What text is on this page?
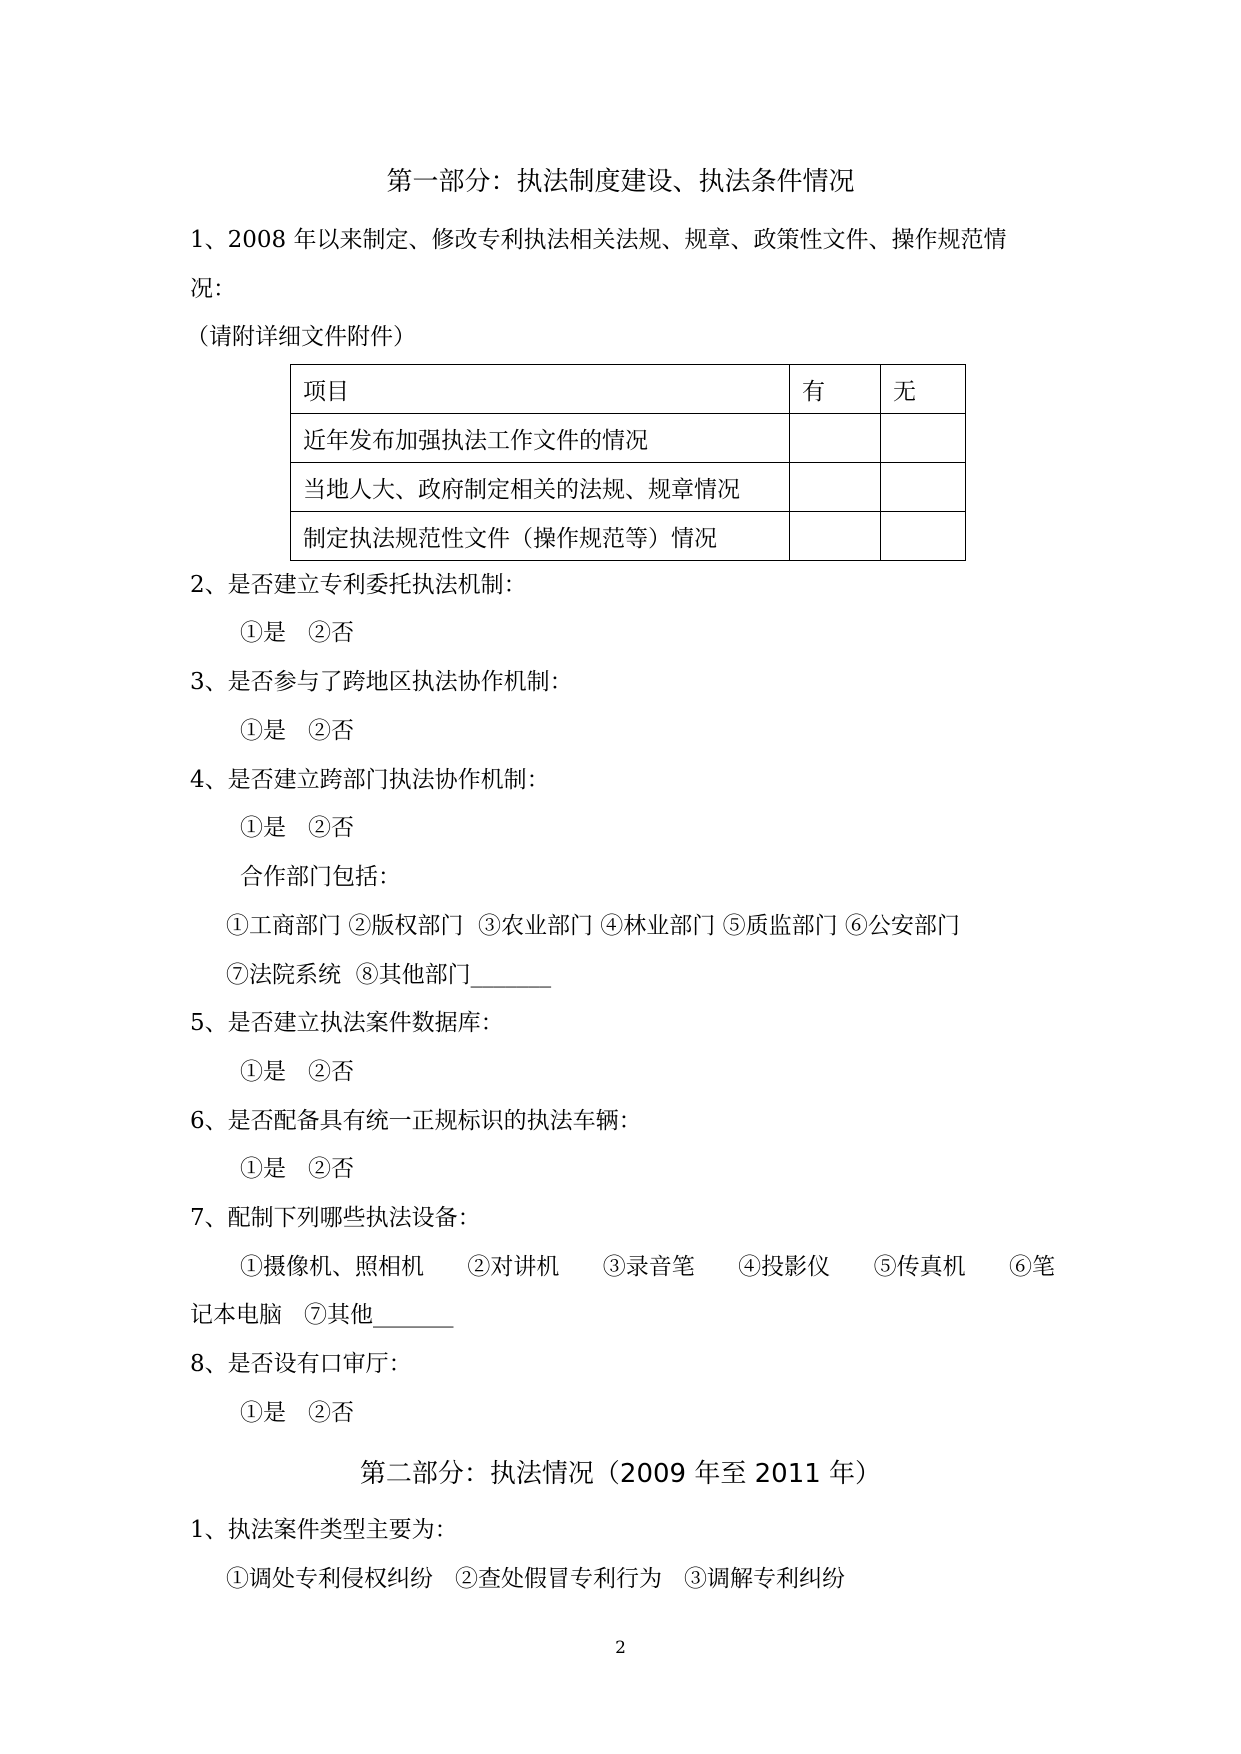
第一部分：执法制度建设、执法条件情况
1、2008 年以来制定、修改专利执法相关法规、规章、政策性文件、操作规范情
况：
（请附详细文件附件）
项目	有	无
近年发布加强执法工作文件的情况		
当地人大、政府制定相关的法规、规章情况		
制定执法规范性文件（操作规范等）情况		
2、是否建立专利委托执法机制：
①是 ②否
3、是否参与了跨地区执法协作机制：
①是 ②否
4、是否建立跨部门执法协作机制：
①是 ②否
合作部门包括：
①工商部门 ②版权部门 ③农业部门 ④林业部门 ⑤质监部门 ⑥公安部门
⑦法院系统 ⑧其他部门_______
5、是否建立执法案件数据库：
①是 ②否
6、是否配备具有统一正规标识的执法车辆：
①是 ②否
7、配制下列哪些执法设备：
①摄像机、照相机 ②对讲机 ③录音笔 ④投影仪 ⑤传真机 ⑥笔
记本电脑 ⑦其他_______
8、是否设有口审厅：
①是 ②否
第二部分：执法情况（2009 年至 2011 年）
1、执法案件类型主要为：
①调处专利侵权纠纷 ②查处假冒专利行为 ③调解专利纠纷
2
